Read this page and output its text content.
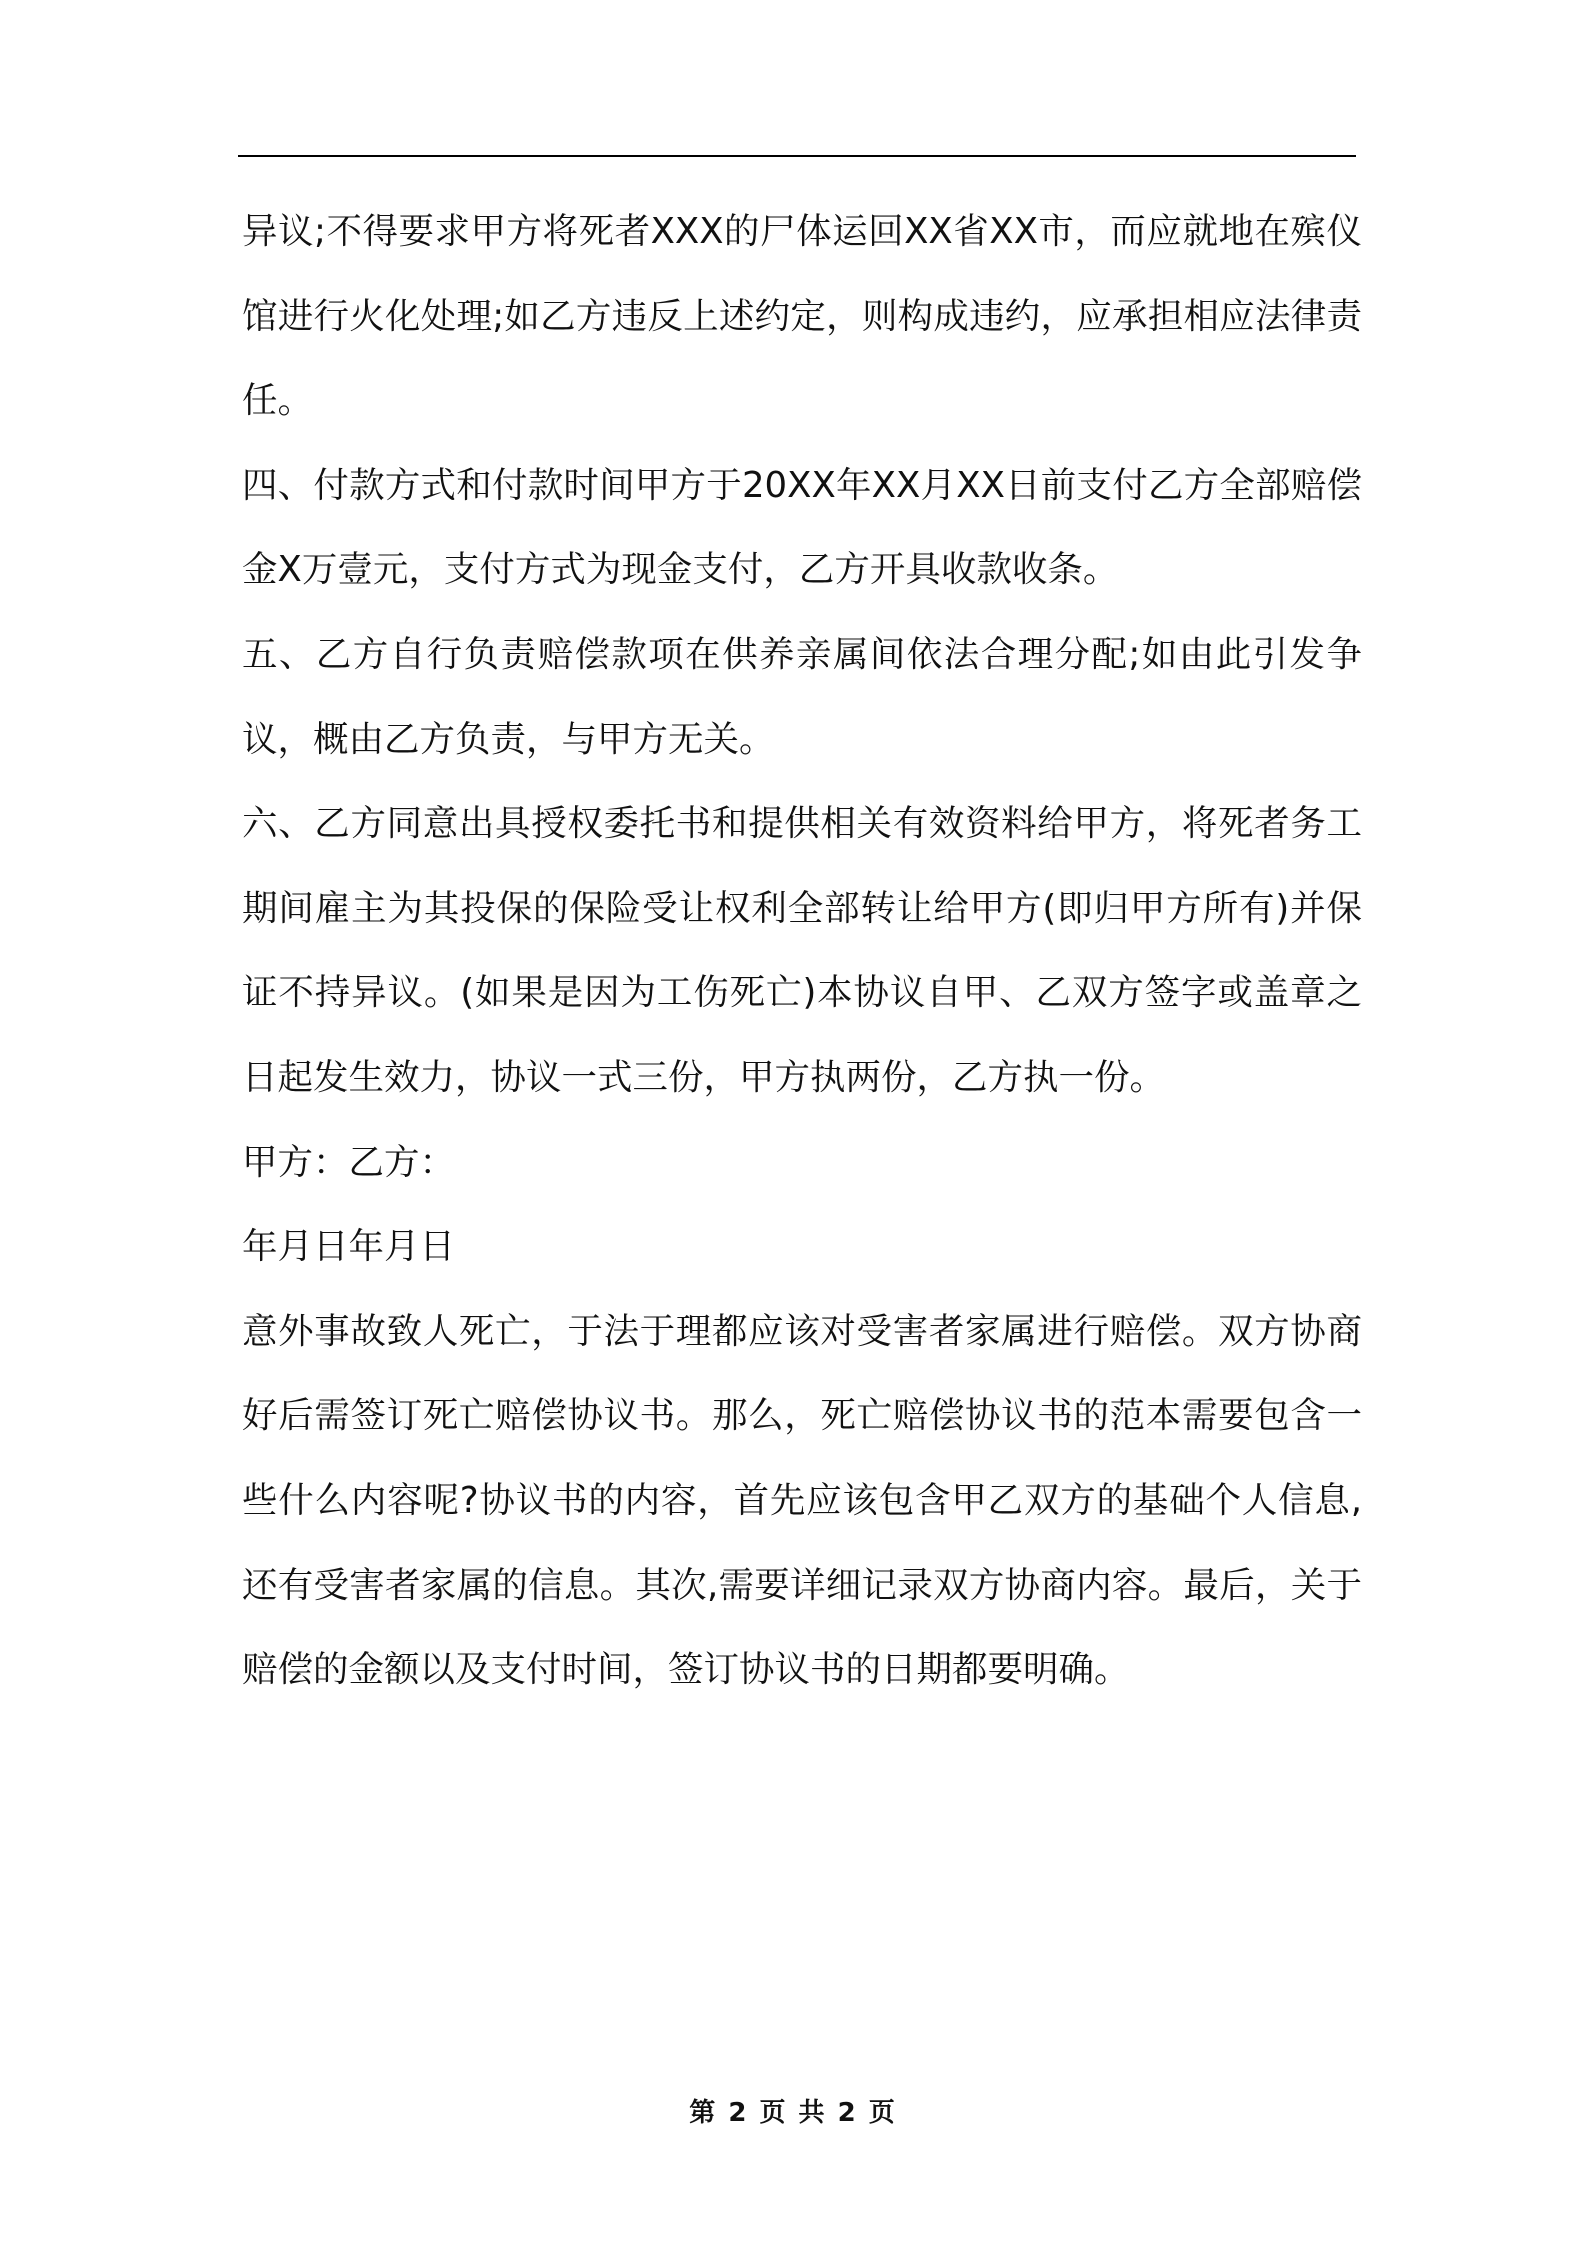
异议;不得要求甲方将死者XXX的尸体运回XX省XX市，而应就地在殡仪馆进行火化处理;如乙方违反上述约定，则构成违约，应承担相应法律责任。

四、付款方式和付款时间甲方于20XX年XX月XX日前支付乙方全部赔偿金X万壹元，支付方式为现金支付，乙方开具收款收条。

五、乙方自行负责赔偿款项在供养亲属间依法合理分配;如由此引发争议，概由乙方负责，与甲方无关。

六、乙方同意出具授权委托书和提供相关有效资料给甲方，将死者务工期间雇主为其投保的保险受让权利全部转让给甲方(即归甲方所有)并保证不持异议。(如果是因为工伤死亡)本协议自甲、乙双方签字或盖章之日起发生效力，协议一式三份，甲方执两份，乙方执一份。

甲方：乙方：

年月日年月日

意外事故致人死亡，于法于理都应该对受害者家属进行赔偿。双方协商好后需签订死亡赔偿协议书。那么，死亡赔偿协议书的范本需要包含一些什么内容呢?协议书的内容，首先应该包含甲乙双方的基础个人信息,还有受害者家属的信息。其次,需要详细记录双方协商内容。最后，关于赔偿的金额以及支付时间，签订协议书的日期都要明确。

第 2 页 共 2 页
